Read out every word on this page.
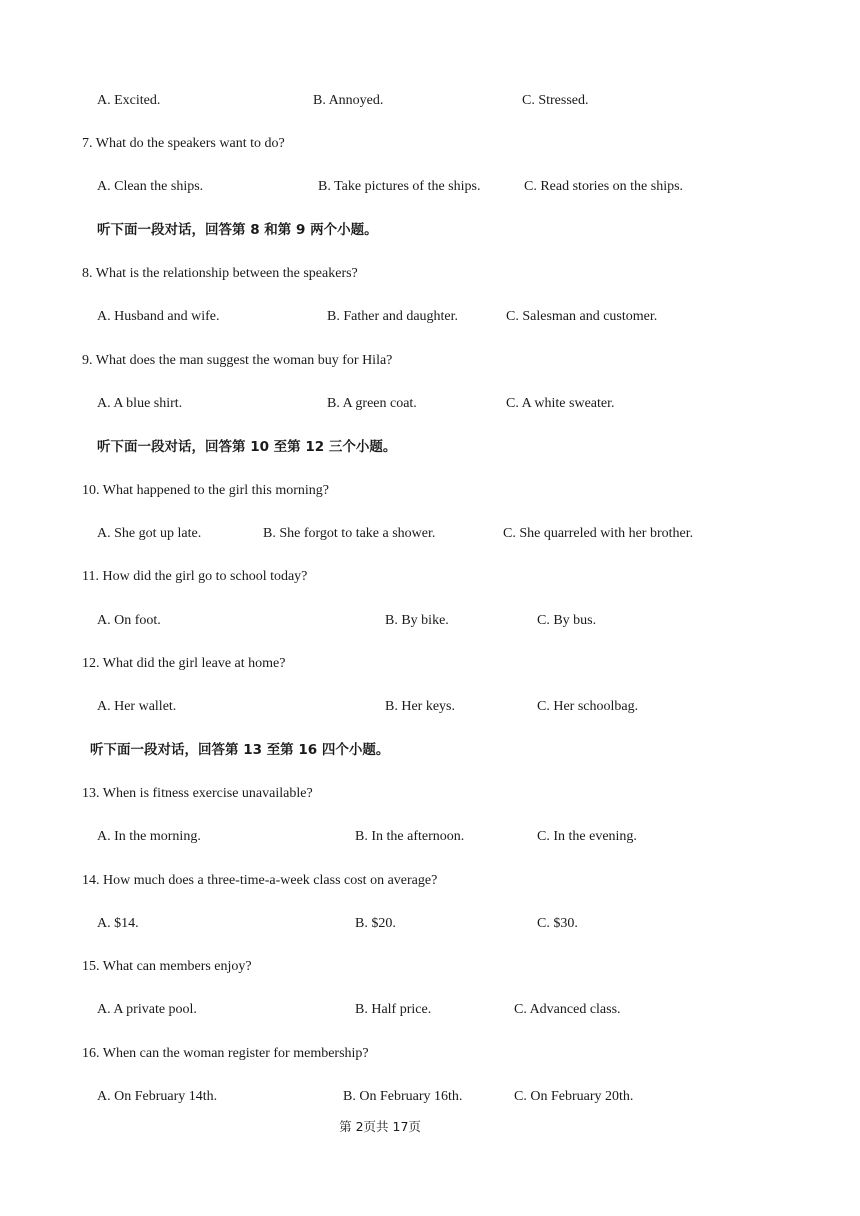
A. Excited.	B. Annoyed.	C. Stressed.
7. What do the speakers want to do?
A. Clean the ships.	B. Take pictures of the ships.	C. Read stories on the ships.
听下面一段对话，回答第 8 和第 9 两个小题。
8. What is the relationship between the speakers?
A. Husband and wife.	B. Father and daughter.	C. Salesman and customer.
9. What does the man suggest the woman buy for Hila?
A. A blue shirt.	B. A green coat.	C. A white sweater.
听下面一段对话，回答第 10 至第 12 三个小题。
10. What happened to the girl this morning?
A. She got up late.	B. She forgot to take a shower.	C. She quarreled with her brother.
11. How did the girl go to school today?
A. On foot.	B. By bike.	C. By bus.
12. What did the girl leave at home?
A. Her wallet.	B. Her keys.	C. Her schoolbag.
听下面一段对话，回答第 13 至第 16 四个小题。
13. When is fitness exercise unavailable?
A. In the morning.	B. In the afternoon.	C. In the evening.
14. How much does a three-time-a-week class cost on average?
A. $14.	B. $20.	C. $30.
15. What can members enjoy?
A. A private pool.	B. Half price.	C. Advanced class.
16. When can the woman register for membership?
A. On February 14th.	B. On February 16th.	C. On February 20th.
第 2页共 17页
